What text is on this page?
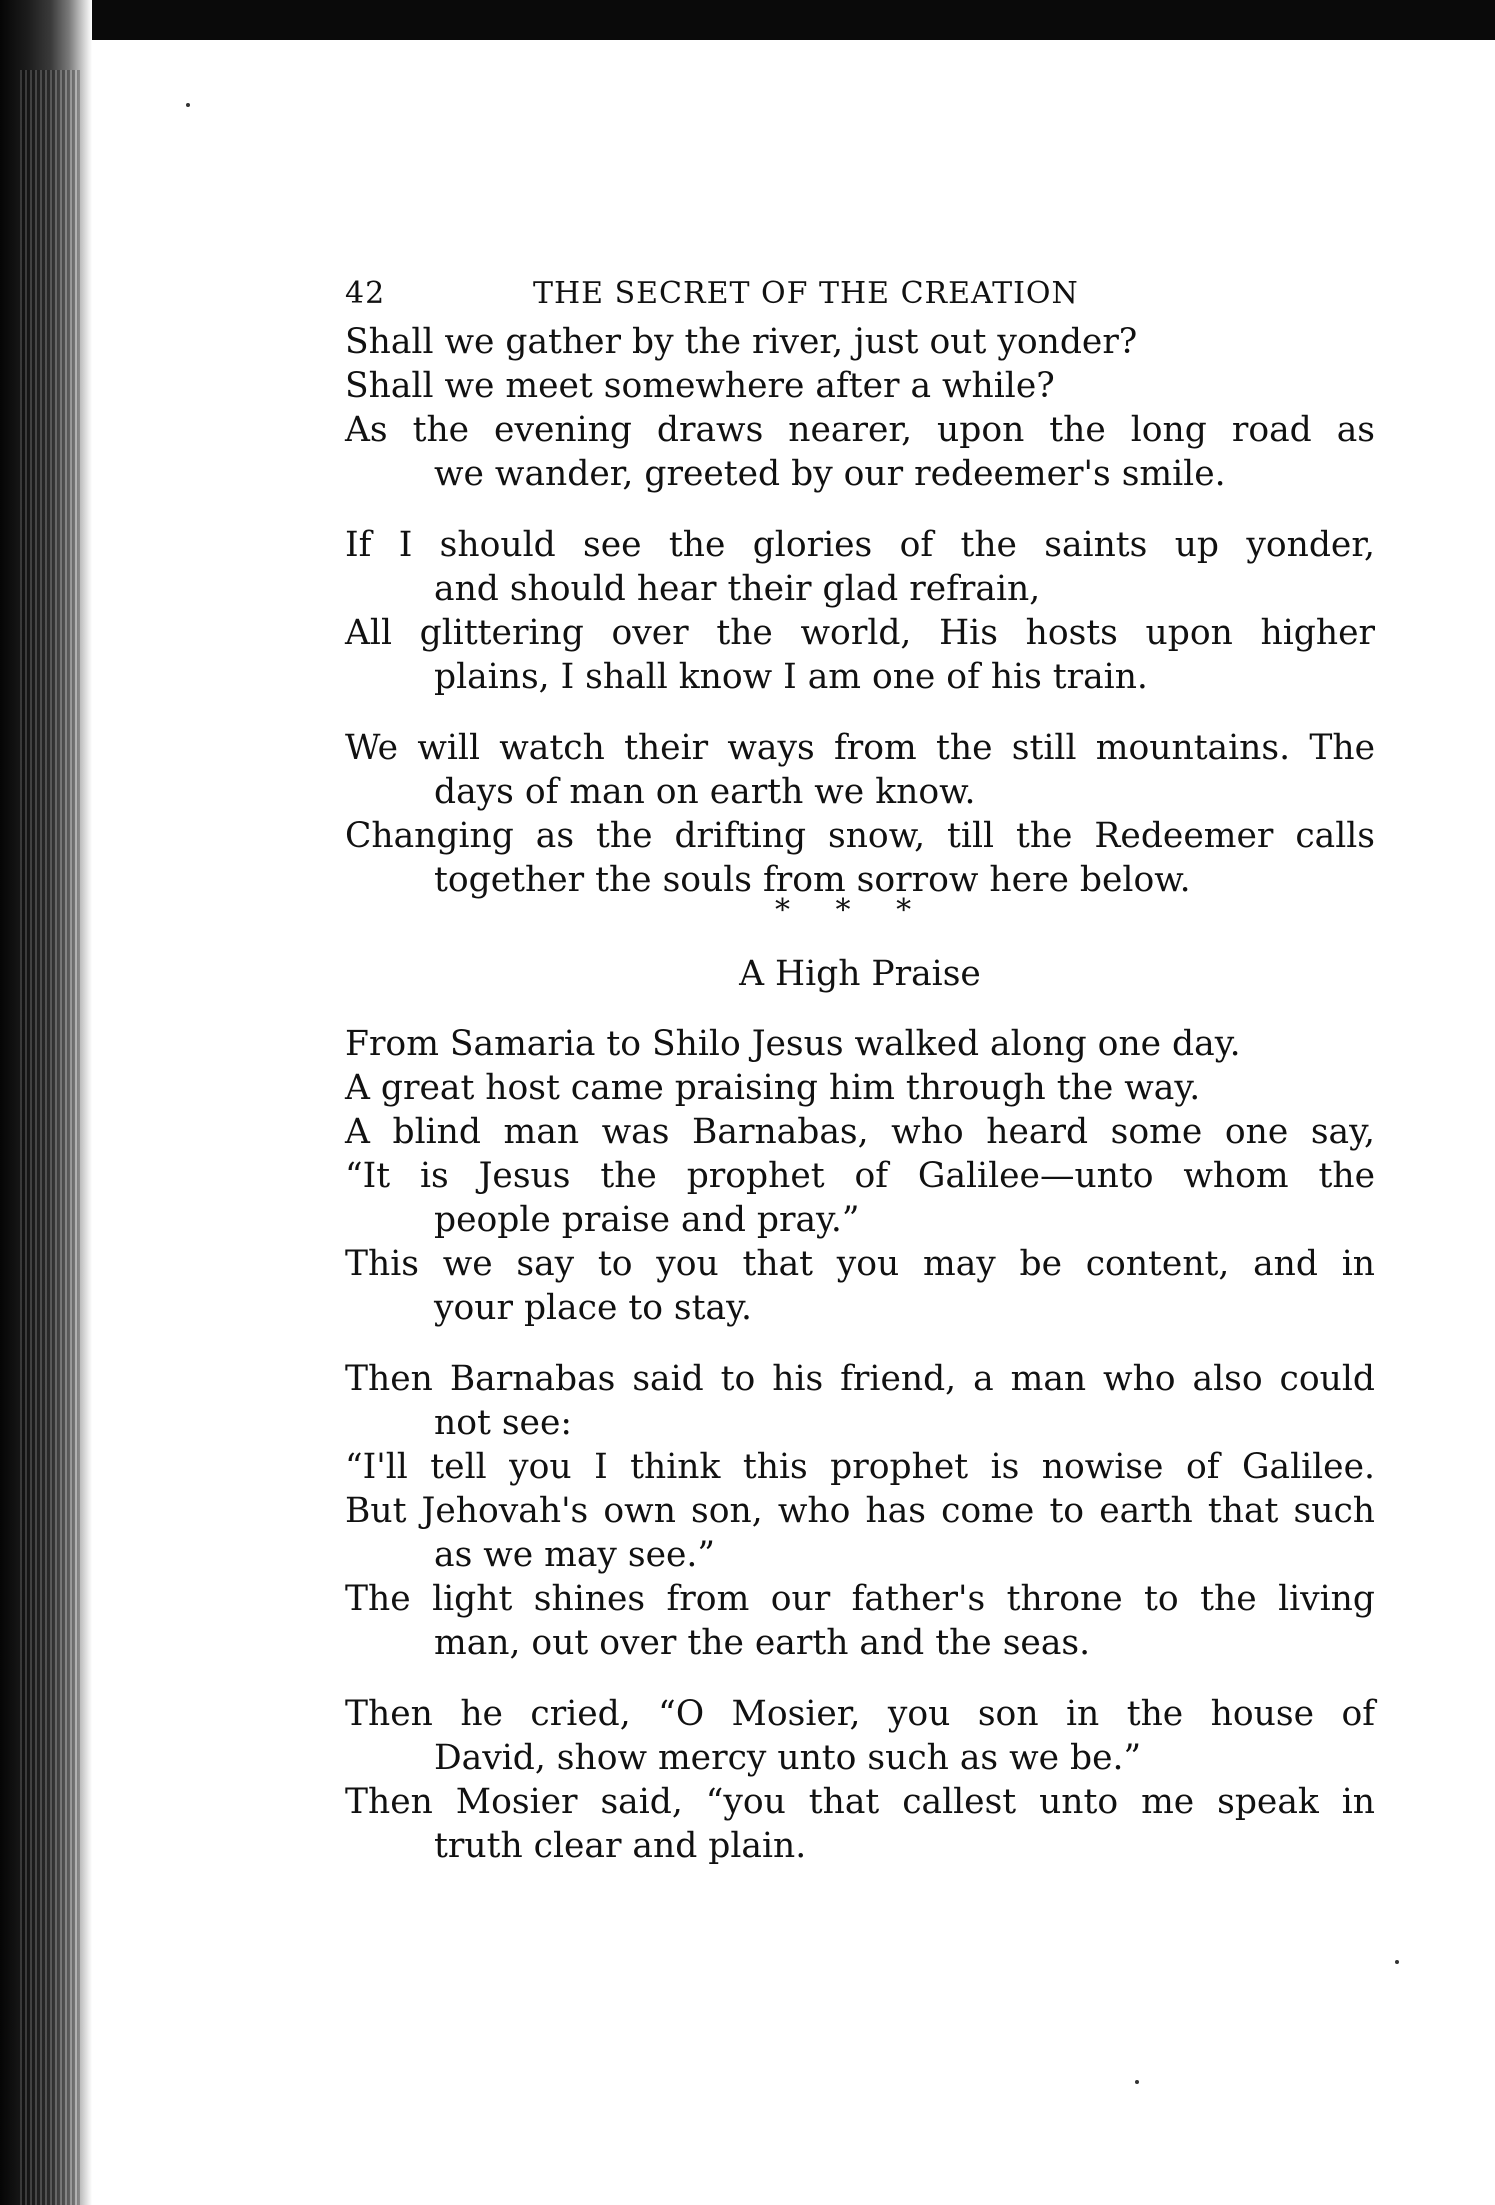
42	THE SECRET OF THE CREATION
Shall we gather by the river, just out yonder?
Shall we meet somewhere after a while?
As the evening draws nearer, upon the long road as
we wander, greeted by our redeemer's smile.
If I should see the glories of the saints up yonder,
and should hear their glad refrain,
All glittering over the world, His hosts upon higher
plains, I shall know I am one of his train.
We will watch their ways from the still mountains. The
days of man on earth we know.
Changing as the drifting snow, till the Redeemer calls
together the souls from sorrow here below.
* * *
A High Praise
From Samaria to Shilo Jesus walked along one day.
A great host came praising him through the way.
A blind man was Barnabas, who heard some one say,
“It is Jesus the prophet of Galilee—unto whom the
people praise and pray.”
This we say to you that you may be content, and in
your place to stay.
Then Barnabas said to his friend, a man who also could
not see:
“I'll tell you I think this prophet is nowise of Galilee.
But Jehovah's own son, who has come to earth that such
as we may see.”
The light shines from our father's throne to the living
man, out over the earth and the seas.
Then he cried, “O Mosier, you son in the house of
David, show mercy unto such as we be.”
Then Mosier said, “you that callest unto me speak in
truth clear and plain.
